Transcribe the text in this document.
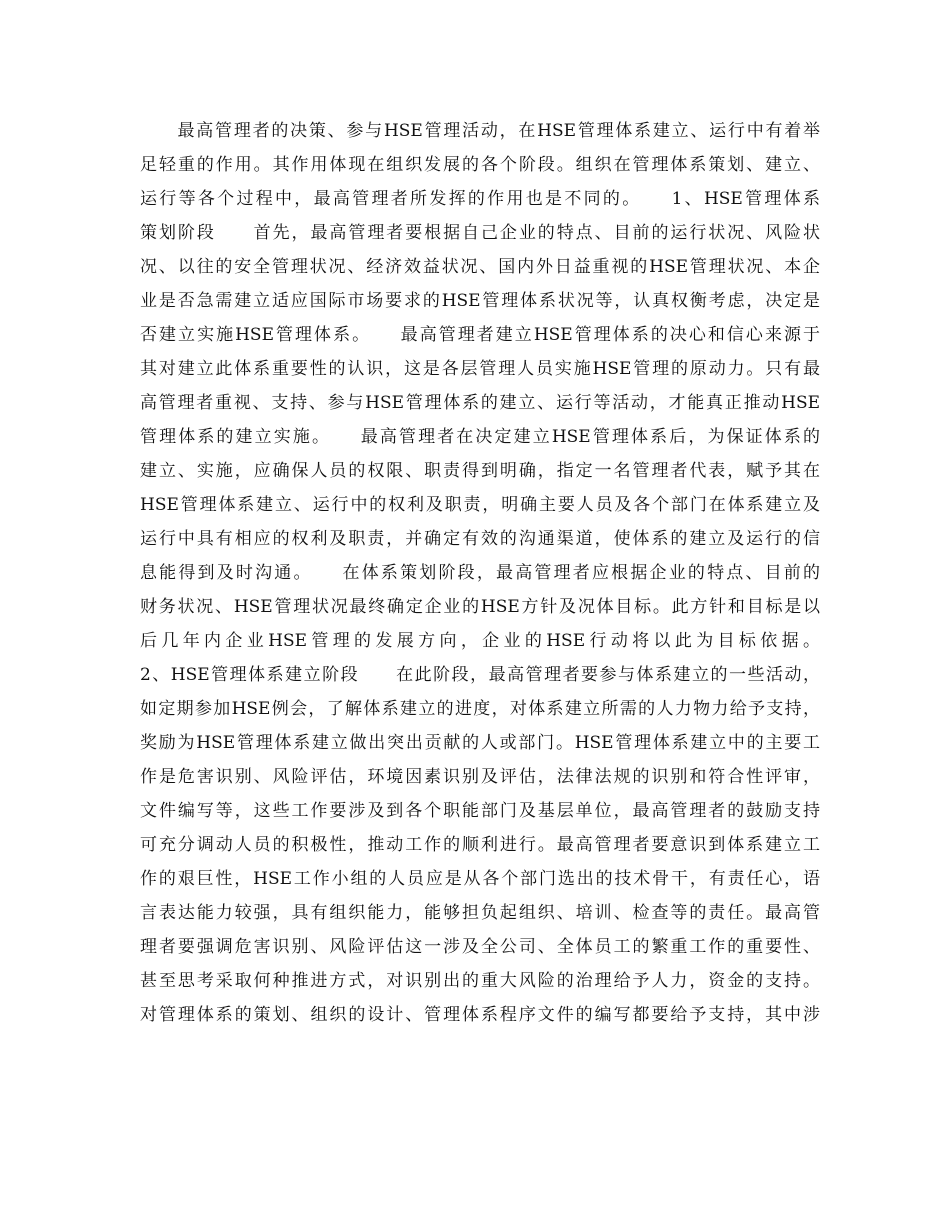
　　最高管理者的决策、参与HSE管理活动，在HSE管理体系建立、运行中有着举
足轻重的作用。其作用体现在组织发展的各个阶段。组织在管理体系策划、建立、
运行等各个过程中，最高管理者所发挥的作用也是不同的。　　1、HSE管理体系
策划阶段　　首先，最高管理者要根据自己企业的特点、目前的运行状况、风险状
况、以往的安全管理状况、经济效益状况、国内外日益重视的HSE管理状况、本企
业是否急需建立适应国际市场要求的HSE管理体系状况等，认真权衡考虑，决定是
否建立实施HSE管理体系。　　最高管理者建立HSE管理体系的决心和信心来源于
其对建立此体系重要性的认识，这是各层管理人员实施HSE管理的原动力。只有最
高管理者重视、支持、参与HSE管理体系的建立、运行等活动，才能真正推动HSE
管理体系的建立实施。　　最高管理者在决定建立HSE管理体系后，为保证体系的
建立、实施，应确保人员的权限、职责得到明确，指定一名管理者代表，赋予其在
HSE管理体系建立、运行中的权利及职责，明确主要人员及各个部门在体系建立及
运行中具有相应的权利及职责，并确定有效的沟通渠道，使体系的建立及运行的信
息能得到及时沟通。　　在体系策划阶段，最高管理者应根据企业的特点、目前的
财务状况、HSE管理状况最终确定企业的HSE方针及况体目标。此方针和目标是以
后几年内企业HSE管理的发展方向，企业的HSE行动将以此为目标依据。
2、HSE管理体系建立阶段　　在此阶段，最高管理者要参与体系建立的一些活动，
如定期参加HSE例会，了解体系建立的进度，对体系建立所需的人力物力给予支持，
奖励为HSE管理体系建立做出突出贡献的人或部门。HSE管理体系建立中的主要工
作是危害识别、风险评估，环境因素识别及评估，法律法规的识别和符合性评审，
文件编写等，这些工作要涉及到各个职能部门及基层单位，最高管理者的鼓励支持
可充分调动人员的积极性，推动工作的顺利进行。最高管理者要意识到体系建立工
作的艰巨性，HSE工作小组的人员应是从各个部门选出的技术骨干，有责任心，语
言表达能力较强，具有组织能力，能够担负起组织、培训、检查等的责任。最高管
理者要强调危害识别、风险评估这一涉及全公司、全体员工的繁重工作的重要性、
甚至思考采取何种推进方式，对识别出的重大风险的治理给予人力，资金的支持。
对管理体系的策划、组织的设计、管理体系程序文件的编写都要给予支持，其中涉
